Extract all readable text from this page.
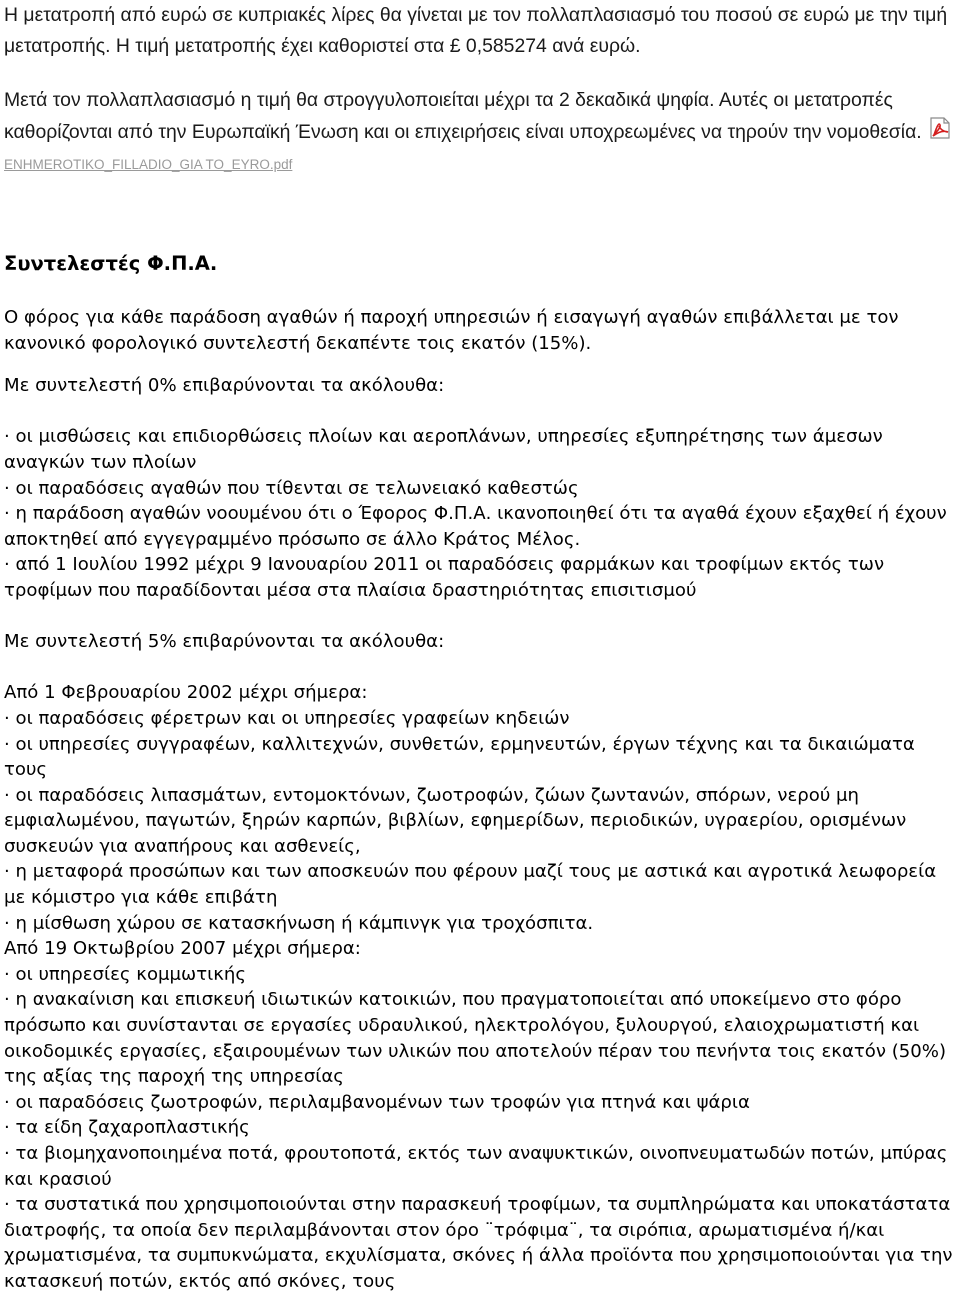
Η μετατροπή από ευρώ σε κυπριακές λίρες θα γίνεται με τον πολλαπλασιασμό του ποσού σε ευρώ με την τιμή μετατροπής. Η τιμή μετατροπής έχει καθοριστεί στα £ 0,585274 ανά ευρώ.

Μετά τον πολλαπλασιασμό η τιμή θα στρογγυλοποιείται μέχρι τα 2 δεκαδικά ψηφία. Αυτές οι μετατροπές καθορίζονται από την Ευρωπαϊκή Ένωση και οι επιχειρήσεις είναι υποχρεωμένες να τηρούν την νομοθεσία.ENHMEROTIKO_FILLADIO_GIA TO_EYRO.pdf

Συντελεστές Φ.Π.Α.

Ο φόρος για κάθε παράδοση αγαθών ή παροχή υπηρεσιών ή εισαγωγή αγαθών επιβάλλεται με τον κανονικό φορολογικό συντελεστή δεκαπέντε τοις εκατόν (15%).

Με συντελεστή 0% επιβαρύνονται τα ακόλουθα:

· οι μισθώσεις και επιδιορθώσεις πλοίων και αεροπλάνων, υπηρεσίες εξυπηρέτησης των άμεσων αναγκών των πλοίων

· οι παραδόσεις αγαθών που τίθενται σε τελωνειακό καθεστώς

· η παράδοση αγαθών νοουμένου ότι ο Έφορος Φ.Π.Α. ικανοποιηθεί ότι τα αγαθά έχουν εξαχθεί ή έχουν αποκτηθεί από εγγεγραμμένο πρόσωπο σε άλλο Κράτος Μέλος.

· από 1 Ιουλίου 1992 μέχρι 9 Ιανουαρίου 2011 οι παραδόσεις φαρμάκων και τροφίμων εκτός των τροφίμων που παραδίδονται μέσα στα πλαίσια δραστηριότητας επισιτισμού

Με συντελεστή 5% επιβαρύνονται τα ακόλουθα:

Από 1 Φεβρουαρίου 2002 μέχρι σήμερα:

· οι παραδόσεις φέρετρων και οι υπηρεσίες γραφείων κηδειών

· οι υπηρεσίες συγγραφέων, καλλιτεχνών, συνθετών, ερμηνευτών, έργων τέχνης και τα δικαιώματα τους

· οι παραδόσεις λιπασμάτων, εντομοκτόνων, ζωοτροφών, ζώων ζωντανών, σπόρων, νερού μη εμφιαλωμένου, παγωτών, ξηρών καρπών, βιβλίων, εφημερίδων, περιοδικών, υγραερίου, ορισμένων συσκευών για αναπήρους και ασθενείς,

· η μεταφορά προσώπων και των αποσκευών που φέρουν μαζί τους με αστικά και αγροτικά λεωφορεία με κόμιστρο για κάθε επιβάτη

· η μίσθωση χώρου σε κατασκήνωση ή κάμπινγκ για τροχόσπιτα.

Από 19 Οκτωβρίου 2007 μέχρι σήμερα:

· οι υπηρεσίες κομμωτικής

· η ανακαίνιση και επισκευή ιδιωτικών κατοικιών, που πραγματοποιείται από υποκείμενο στο φόρο πρόσωπο και συνίστανται σε εργασίες υδραυλικού, ηλεκτρολόγου, ξυλουργού, ελαιοχρωματιστή και οικοδομικές εργασίες, εξαιρουμένων των υλικών που αποτελούν πέραν του πενήντα τοις εκατόν (50%) της αξίας της παροχή της υπηρεσίας

· οι παραδόσεις ζωοτροφών, περιλαμβανομένων των τροφών για πτηνά και ψάρια

· τα είδη ζαχαροπλαστικής

· τα βιομηχανοποιημένα ποτά, φρουτοποτά, εκτός των αναψυκτικών, οινοπνευματωδών ποτών, μπύρας και κρασιού

· τα συστατικά που χρησιμοποιούνται στην παρασκευή τροφίμων, τα συμπληρώματα και υποκατάστατα διατροφής, τα οποία δεν περιλαμβάνονται στον όρο ¨τρόφιμα¨, τα σιρόπια, αρωματισμένα ή/και χρωματισμένα, τα συμπυκνώματα, εκχυλίσματα, σκόνες ή άλλα προϊόντα που χρησιμοποιούνται για την κατασκευή ποτών, εκτός από σκόνες, τους
